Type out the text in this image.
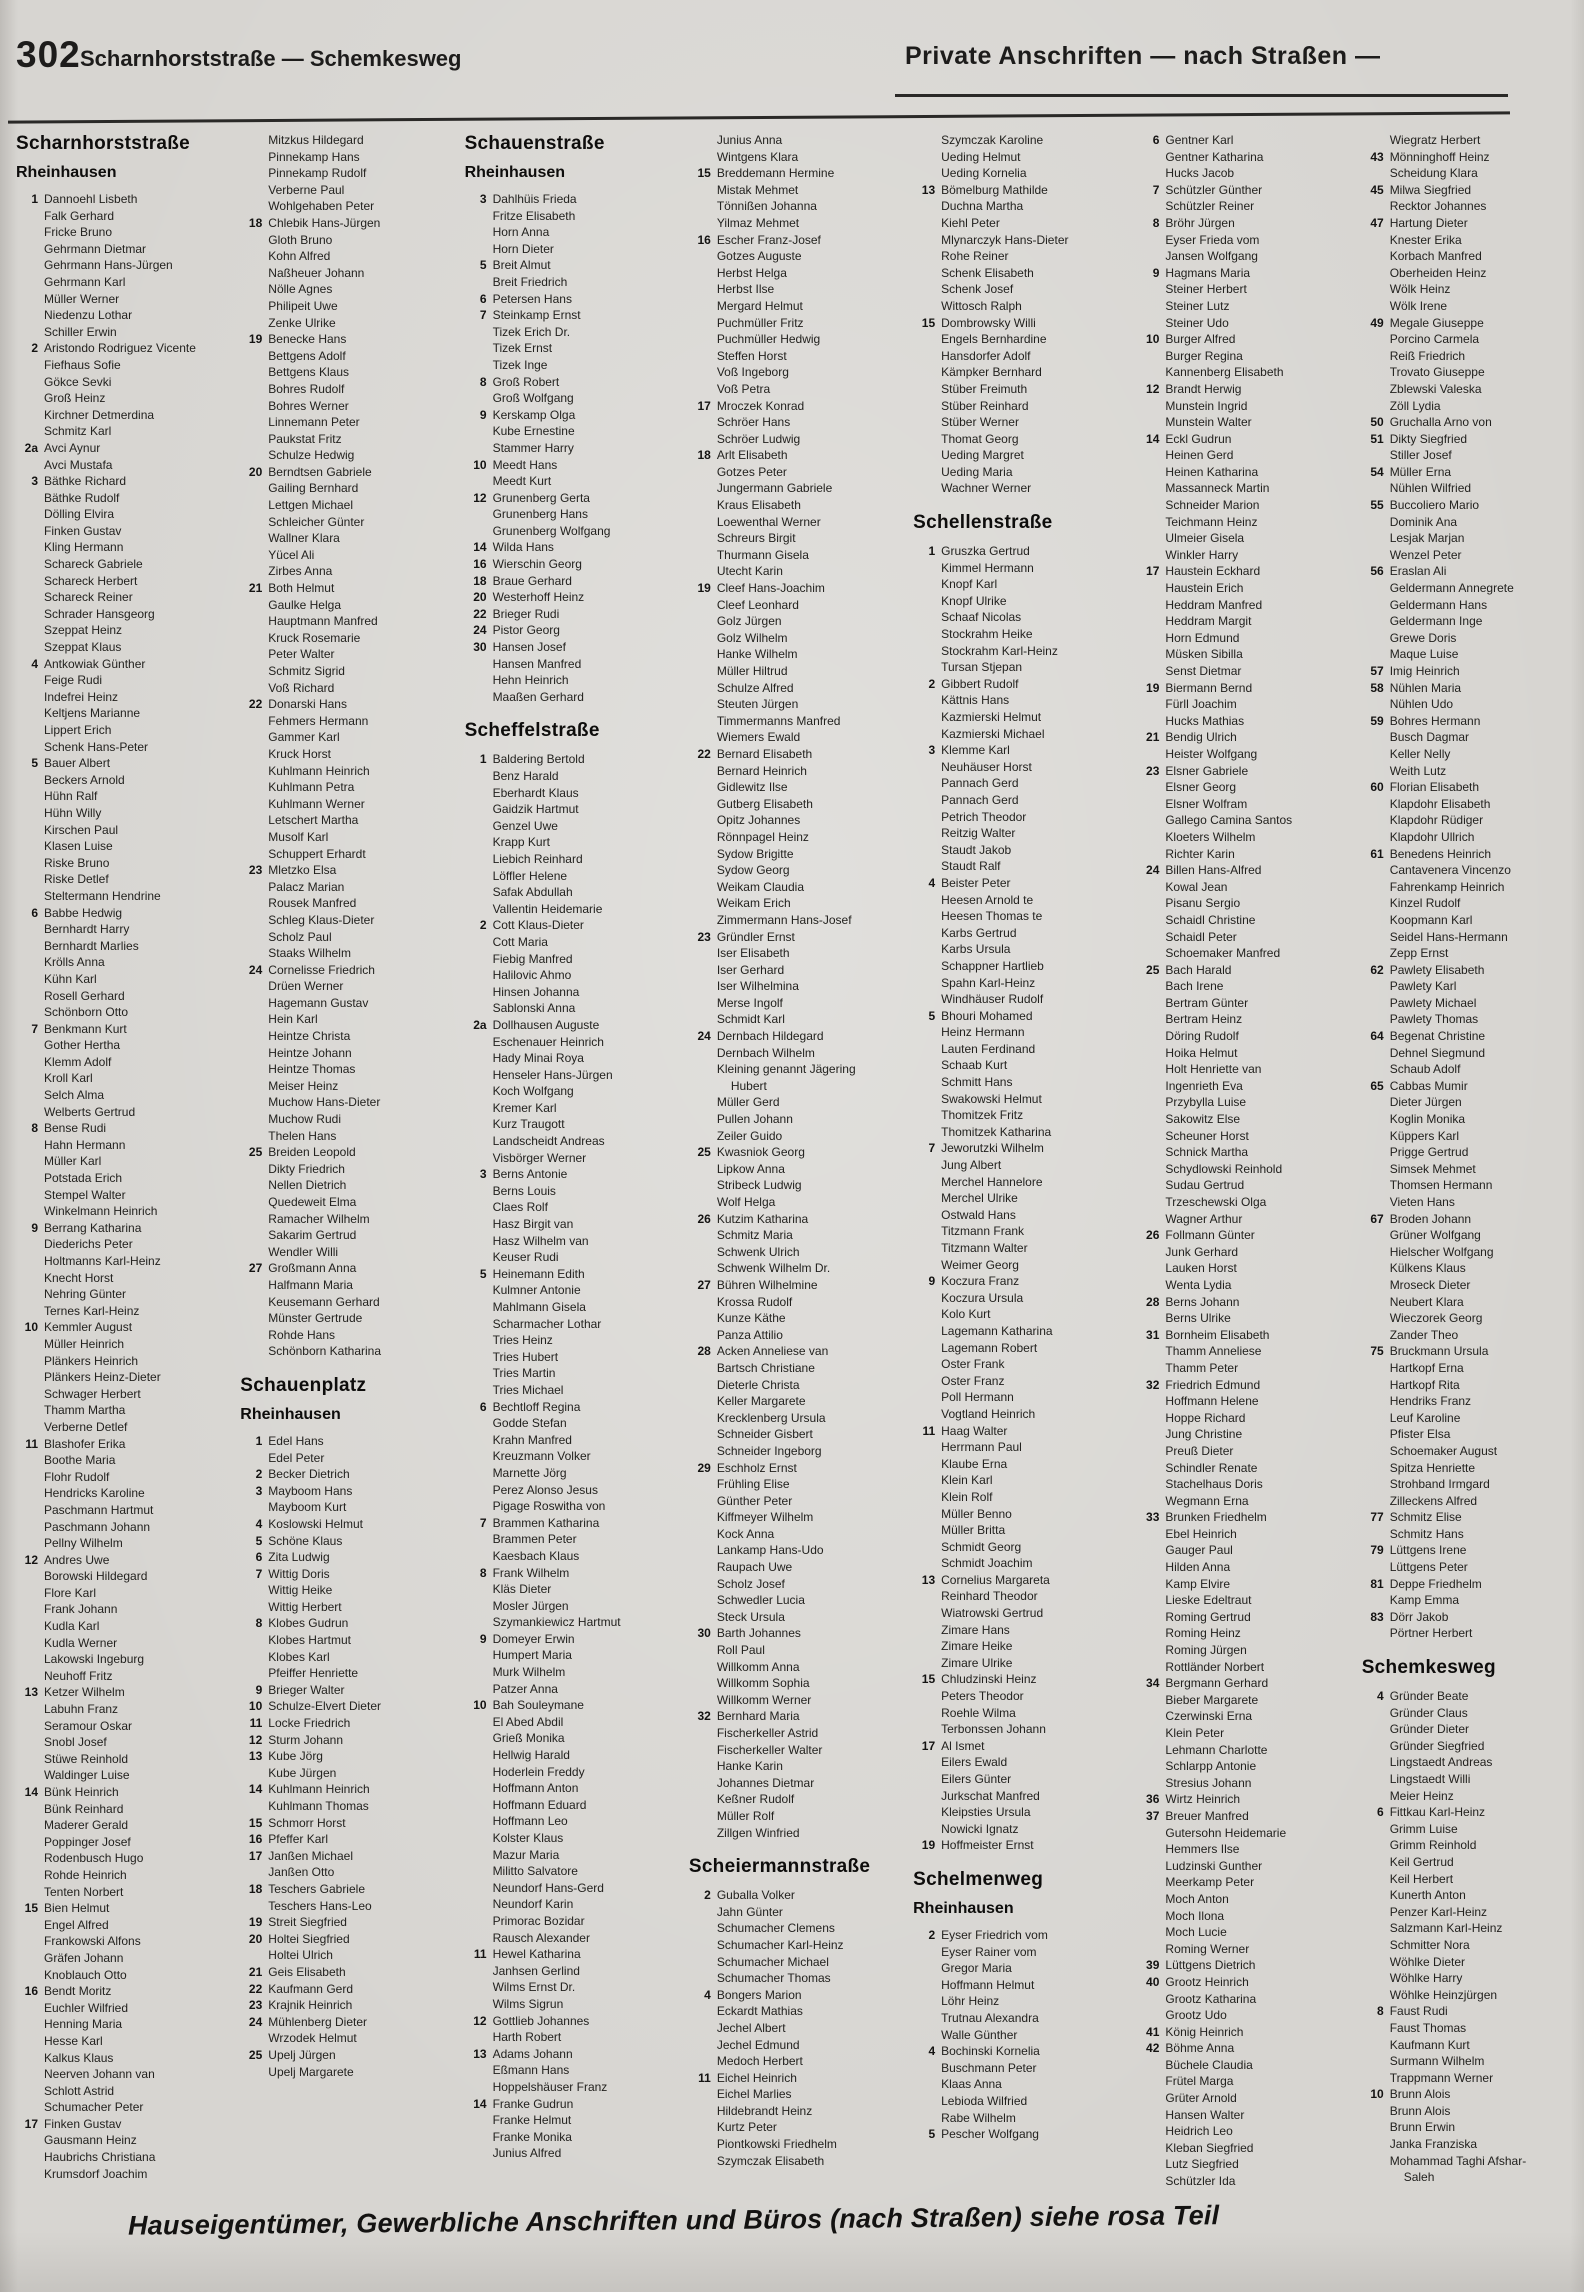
302 Scharnhorststraße — Schemkesweg	Private Anschriften — nach Straßen —
Scharnhorststraße
Rheinhausen
1 Dannoehl Lisbeth
Falk Gerhard
Fricke Bruno
Gehrmann Dietmar
Gehrmann Hans-Jürgen
Gehrmann Karl
Müller Werner
Niedenzu Lothar
Schiller Erwin
2 Aristondo Rodriguez Vicente
Fiefhaus Sofie
Gökce Sevki
Groß Heinz
Kirchner Detmerdina
Schmitz Karl
2a Avci Aynur
Avci Mustafa
3 Bäthke Richard
Bäthke Rudolf
Dölling Elvira
Finken Gustav
Kling Hermann
Schareck Gabriele
Schareck Herbert
Schareck Reiner
Schrader Hansgeorg
Szeppat Heinz
Szeppat Klaus
4 Antkowiak Günther
Feige Rudi
Indefrei Heinz
Keltjens Marianne
Lippert Erich
Schenk Hans-Peter
5 Bauer Albert
Beckers Arnold
Hühn Ralf
Hühn Willy
Kirschen Paul
Klasen Luise
Riske Bruno
Riske Detlef
Steltermann Hendrine
6 Babbe Hedwig
Bernhardt Harry
Bernhardt Marlies
Krölls Anna
Kühn Karl
Rosell Gerhard
Schönborn Otto
7 Benkmann Kurt
Gother Hertha
Klemm Adolf
Kroll Karl
Selch Alma
Welberts Gertrud
8 Bense Rudi
Hahn Hermann
Müller Karl
Potstada Erich
Stempel Walter
Winkelmann Heinrich
9 Berrang Katharina
Diederichs Peter
Holtmanns Karl-Heinz
Knecht Horst
Nehring Günter
Ternes Karl-Heinz
10 Kemmler August
Müller Heinrich
Plänkers Heinrich
Plänkers Heinz-Dieter
Schwager Herbert
Thamm Martha
Verberne Detlef
11 Blashofer Erika
Boothe Maria
Flohr Rudolf
Hendricks Karoline
Paschmann Hartmut
Paschmann Johann
Pellny Wilhelm
12 Andres Uwe
Borowski Hildegard
Flore Karl
Frank Johann
Kudla Karl
Kudla Werner
Lakowski Ingeburg
Neuhoff Fritz
13 Ketzer Wilhelm
Labuhn Franz
Seramour Oskar
Snobl Josef
Stüwe Reinhold
Waldinger Luise
14 Bünk Heinrich
Bünk Reinhard
Maderer Gerald
Poppinger Josef
Rodenbusch Hugo
Rohde Heinrich
Tenten Norbert
15 Bien Helmut
Engel Alfred
Frankowski Alfons
Gräfen Johann
Knoblauch Otto
16 Bendt Moritz
Euchler Wilfried
Henning Maria
Hesse Karl
Kalkus Klaus
Neerven Johann van
Schlott Astrid
Schumacher Peter
17 Finken Gustav
Gausmann Heinz
Haubrichs Christiana
Krumsdorf Joachim
Mitzkus Hildegard
Pinnekamp Hans
Pinnekamp Rudolf
Verberne Paul
Wohlgehaben Peter
18 Chlebik Hans-Jürgen
Gloth Bruno
Kohn Alfred
Naßheuer Johann
Nölle Agnes
Philipeit Uwe
Zenke Ulrike
19 Benecke Hans
Bettgens Adolf
Bettgens Klaus
Bohres Rudolf
Bohres Werner
Linnemann Peter
Paukstat Fritz
Schulze Hedwig
20 Berndtsen Gabriele
Gailing Bernhard
Lettgen Michael
Schleicher Günter
Wallner Klara
Yücel Ali
Zirbes Anna
21 Both Helmut
Gaulke Helga
Hauptmann Manfred
Kruck Rosemarie
Peter Walter
Schmitz Sigrid
Voß Richard
22 Donarski Hans
Fehmers Hermann
Gammer Karl
Kruck Horst
Kuhlmann Heinrich
Kuhlmann Petra
Kuhlmann Werner
Letschert Martha
Musolf Karl
Schuppert Erhardt
23 Mletzko Elsa
Palacz Marian
Rousek Manfred
Schleg Klaus-Dieter
Scholz Paul
Staaks Wilhelm
24 Cornelisse Friedrich
Drüen Werner
Hagemann Gustav
Hein Karl
Heintze Christa
Heintze Johann
Heintze Thomas
Meiser Heinz
Muchow Hans-Dieter
Muchow Rudi
Thelen Hans
25 Breiden Leopold
Dikty Friedrich
Nellen Dietrich
Quedeweit Elma
Ramacher Wilhelm
Sakarim Gertrud
Wendler Willi
27 Großmann Anna
Halfmann Maria
Keusemann Gerhard
Münster Gertrude
Rohde Hans
Schönborn Katharina
Schauenplatz
Rheinhausen
1 Edel Hans
Edel Peter
2 Becker Dietrich
3 Mayboom Hans
Mayboom Kurt
4 Koslowski Helmut
5 Schöne Klaus
6 Zita Ludwig
7 Wittig Doris
Wittig Heike
Wittig Herbert
8 Klobes Gudrun
Klobes Hartmut
Klobes Karl
Pfeiffer Henriette
9 Brieger Walter
10 Schulze-Elvert Dieter
11 Locke Friedrich
12 Sturm Johann
13 Kube Jörg
Kube Jürgen
14 Kuhlmann Heinrich
Kuhlmann Thomas
15 Schmorr Horst
16 Pfeffer Karl
17 Janßen Michael
Janßen Otto
18 Teschers Gabriele
Teschers Hans-Leo
19 Streit Siegfried
20 Holtei Siegfried
Holtei Ulrich
21 Geis Elisabeth
22 Kaufmann Gerd
23 Krajnik Heinrich
24 Mühlenberg Dieter
Wrzodek Helmut
25 Upelj Jürgen
Upelj Margarete
Schauenstraße
Rheinhausen
3 Dahlhüis Frieda
Fritze Elisabeth
Horn Anna
Horn Dieter
5 Breit Almut
Breit Friedrich
6 Petersen Hans
7 Steinkamp Ernst
Tizek Erich Dr.
Tizek Ernst
Tizek Inge
8 Groß Robert
Groß Wolfgang
9 Kerskamp Olga
Kube Ernestine
Stammer Harry
10 Meedt Hans
Meedt Kurt
12 Grunenberg Gerta
Grunenberg Hans
Grunenberg Wolfgang
14 Wilda Hans
16 Wierschin Georg
18 Braue Gerhard
20 Westerhoff Heinz
22 Brieger Rudi
24 Pistor Georg
30 Hansen Josef
Hansen Manfred
Hehn Heinrich
Maaßen Gerhard
Scheffelstraße
1 Baldering Bertold
Benz Harald
Eberhardt Klaus
Gaidzik Hartmut
Genzel Uwe
Krapp Kurt
Liebich Reinhard
Löffler Helene
Safak Abdullah
Vallentin Heidemarie
2 Cott Klaus-Dieter
Cott Maria
Fiebig Manfred
Halilovic Ahmo
Hinsen Johanna
Sablonski Anna
2a Dollhausen Auguste
Eschenauer Heinrich
Hady Minai Roya
Henseler Hans-Jürgen
Koch Wolfgang
Kremer Karl
Kurz Traugott
Landscheidt Andreas
Visbörger Werner
3 Berns Antonie
Berns Louis
Claes Rolf
Hasz Birgit van
Hasz Wilhelm van
Keuser Rudi
5 Heinemann Edith
Kulmner Antonie
Mahlmann Gisela
Scharmacher Lothar
Tries Heinz
Tries Hubert
Tries Martin
Tries Michael
6 Bechtloff Regina
Godde Stefan
Krahn Manfred
Kreuzmann Volker
Marnette Jörg
Perez Alonso Jesus
Pigage Roswitha von
7 Brammen Katharina
Brammen Peter
Kaesbach Klaus
8 Frank Wilhelm
Kläs Dieter
Mosler Jürgen
Szymankiewicz Hartmut
9 Domeyer Erwin
Humpert Maria
Murk Wilhelm
Patzer Anna
10 Bah Souleymane
El Abed Abdil
Grieß Monika
Hellwig Harald
Hoderlein Freddy
Hoffmann Anton
Hoffmann Eduard
Hoffmann Leo
Kolster Klaus
Mazur Maria
Militto Salvatore
Neundorf Hans-Gerd
Neundorf Karin
Primorac Bozidar
Rausch Alexander
11 Hewel Katharina
Janhsen Gerlind
Wilms Ernst Dr.
Wilms Sigrun
12 Gottlieb Johannes
Harth Robert
13 Adams Johann
Eßmann Hans
Hoppelshäuser Franz
14 Franke Gudrun
Franke Helmut
Franke Monika
Junius Alfred
Junius Anna
Wintgens Klara
15 Breddemann Hermine
Mistak Mehmet
Tönnißen Johanna
Yilmaz Mehmet
16 Escher Franz-Josef
Gotzes Auguste
Herbst Helga
Herbst Ilse
Mergard Helmut
Puchmüller Fritz
Puchmüller Hedwig
Steffen Horst
Voß Ingeborg
Voß Petra
17 Mroczek Konrad
Schröer Hans
Schröer Ludwig
18 Arlt Elisabeth
Gotzes Peter
Jungermann Gabriele
Kraus Elisabeth
Loewenthal Werner
Schreurs Birgit
Thurmann Gisela
Utecht Karin
19 Cleef Hans-Joachim
Cleef Leonhard
Golz Jürgen
Golz Wilhelm
Hanke Wilhelm
Müller Hiltrud
Schulze Alfred
Steuten Jürgen
Timmermanns Manfred
Wiemers Ewald
22 Bernard Elisabeth
Bernard Heinrich
Gidlewitz Ilse
Gutberg Elisabeth
Opitz Johannes
Rönnpagel Heinz
Sydow Brigitte
Sydow Georg
Weikam Claudia
Weikam Erich
Zimmermann Hans-Josef
23 Gründler Ernst
Iser Elisabeth
Iser Gerhard
Iser Wilhelmina
Merse Ingolf
Schmidt Karl
24 Dernbach Hildegard
Dernbach Wilhelm
Kleining genannt Jägering
Hubert
Müller Gerd
Pullen Johann
Zeiler Guido
25 Kwasniok Georg
Lipkow Anna
Stribeck Ludwig
Wolf Helga
26 Kutzim Katharina
Schmitz Maria
Schwenk Ulrich
Schwenk Wilhelm Dr.
27 Bühren Wilhelmine
Krossa Rudolf
Kunze Käthe
Panza Attilio
28 Acken Anneliese van
Bartsch Christiane
Dieterle Christa
Keller Margarete
Krecklenberg Ursula
Schneider Gisbert
Schneider Ingeborg
29 Eschholz Ernst
Frühling Elise
Günther Peter
Kiffmeyer Wilhelm
Kock Anna
Lankamp Hans-Udo
Raupach Uwe
Scholz Josef
Schwedler Lucia
Steck Ursula
30 Barth Johannes
Roll Paul
Willkomm Anna
Willkomm Sophia
Willkomm Werner
32 Bernhard Maria
Fischerkeller Astrid
Fischerkeller Walter
Hanke Karin
Johannes Dietmar
Keßner Rudolf
Müller Rolf
Zillgen Winfried
Scheiermannstraße
2 Guballa Volker
Jahn Günter
Schumacher Clemens
Schumacher Karl-Heinz
Schumacher Michael
Schumacher Thomas
4 Bongers Marion
Eckardt Mathias
Jechel Albert
Jechel Edmund
Medoch Herbert
11 Eichel Heinrich
Eichel Marlies
Hildebrandt Heinz
Kurtz Peter
Piontkowski Friedhelm
Szymczak Elisabeth
Szymczak Karoline
Ueding Helmut
Ueding Kornelia
13 Bömelburg Mathilde
Duchna Martha
Kiehl Peter
Mlynarczyk Hans-Dieter
Rohe Reiner
Schenk Elisabeth
Schenk Josef
Wittosch Ralph
15 Dombrowsky Willi
Engels Bernhardine
Hansdorfer Adolf
Kämpker Bernhard
Stüber Freimuth
Stüber Reinhard
Stüber Werner
Thomat Georg
Ueding Margret
Ueding Maria
Wachner Werner
Schellenstraße
1 Gruszka Gertrud
Kimmel Hermann
Knopf Karl
Knopf Ulrike
Schaaf Nicolas
Stockrahm Heike
Stockrahm Karl-Heinz
Tursan Stjepan
2 Gibbert Rudolf
Kättnis Hans
Kazmierski Helmut
Kazmierski Michael
3 Klemme Karl
Neuhäuser Horst
Pannach Gerd
Pannach Gerd
Petrich Theodor
Reitzig Walter
Staudt Jakob
Staudt Ralf
4 Beister Peter
Heesen Arnold te
Heesen Thomas te
Karbs Gertrud
Karbs Ursula
Schappner Hartlieb
Spahn Karl-Heinz
Windhäuser Rudolf
5 Bhouri Mohamed
Heinz Hermann
Lauten Ferdinand
Schaab Kurt
Schmitt Hans
Swakowski Helmut
Thomitzek Fritz
Thomitzek Katharina
7 Jeworutzki Wilhelm
Jung Albert
Merchel Hannelore
Merchel Ulrike
Ostwald Hans
Titzmann Frank
Titzmann Walter
Weimer Georg
9 Koczura Franz
Koczura Ursula
Kolo Kurt
Lagemann Katharina
Lagemann Robert
Oster Frank
Oster Franz
Poll Hermann
Vogtland Heinrich
11 Haag Walter
Herrmann Paul
Klaube Erna
Klein Karl
Klein Rolf
Müller Benno
Müller Britta
Schmidt Georg
Schmidt Joachim
13 Cornelius Margareta
Reinhard Theodor
Wiatrowski Gertrud
Zimare Hans
Zimare Heike
Zimare Ulrike
15 Chludzinski Heinz
Peters Theodor
Roehle Wilma
Terbonssen Johann
17 Al Ismet
Eilers Ewald
Eilers Günter
Jurkschat Manfred
Kleipsties Ursula
Nowicki Ignatz
19 Hoffmeister Ernst
Schelmenweg
Rheinhausen
2 Eyser Friedrich vom
Eyser Rainer vom
Gregor Maria
Hoffmann Helmut
Löhr Heinz
Trutnau Alexandra
Walle Günther
4 Bochinski Kornelia
Buschmann Peter
Klaas Anna
Lebioda Wilfried
Rabe Wilhelm
5 Pescher Wolfgang
6 Gentner Karl
Gentner Katharina
Hucks Jacob
7 Schützler Günther
Schützler Reiner
8 Bröhr Jürgen
Eyser Frieda vom
Jansen Wolfgang
9 Hagmans Maria
Steiner Herbert
Steiner Lutz
Steiner Udo
10 Burger Alfred
Burger Regina
Kannenberg Elisabeth
12 Brandt Herwig
Munstein Ingrid
Munstein Walter
14 Eckl Gudrun
Heinen Gerd
Heinen Katharina
Massanneck Martin
Schneider Marion
Teichmann Heinz
Ulmeier Gisela
Winkler Harry
17 Haustein Eckhard
Haustein Erich
Heddram Manfred
Heddram Margit
Horn Edmund
Müsken Sibilla
Senst Dietmar
19 Biermann Bernd
Fürll Joachim
Hucks Mathias
21 Bendig Ulrich
Heister Wolfgang
23 Elsner Gabriele
Elsner Georg
Elsner Wolfram
Gallego Camina Santos
Kloeters Wilhelm
Richter Karin
24 Billen Hans-Alfred
Kowal Jean
Pisanu Sergio
Schaidl Christine
Schaidl Peter
Schoemaker Manfred
25 Bach Harald
Bach Irene
Bertram Günter
Bertram Heinz
Döring Rudolf
Hoika Helmut
Holt Henriette van
Ingenrieth Eva
Przybylla Luise
Sakowitz Else
Scheuner Horst
Schnick Martha
Schydlowski Reinhold
Sudau Gertrud
Trzeschewski Olga
Wagner Arthur
26 Follmann Günter
Junk Gerhard
Lauken Horst
Wenta Lydia
28 Berns Johann
Berns Ulrike
31 Bornheim Elisabeth
Thamm Anneliese
Thamm Peter
32 Friedrich Edmund
Hoffmann Helene
Hoppe Richard
Jung Christine
Preuß Dieter
Schindler Renate
Stachelhaus Doris
Wegmann Erna
33 Brunken Friedhelm
Ebel Heinrich
Gauger Paul
Hilden Anna
Kamp Elvire
Lieske Edeltraut
Roming Gertrud
Roming Heinz
Roming Jürgen
Rottländer Norbert
34 Bergmann Gerhard
Bieber Margarete
Czerwinski Erna
Klein Peter
Lehmann Charlotte
Schlarpp Antonie
Stresius Johann
36 Wirtz Heinrich
37 Breuer Manfred
Gutersohn Heidemarie
Hemmers Ilse
Ludzinski Gunther
Meerkamp Peter
Moch Anton
Moch Ilona
Moch Lucie
Roming Werner
39 Lüttgens Dietrich
40 Grootz Heinrich
Grootz Katharina
Grootz Udo
41 König Heinrich
42 Böhme Anna
Büchele Claudia
Frütel Marga
Grüter Arnold
Hansen Walter
Heidrich Leo
Kleban Siegfried
Lutz Siegfried
Schützler Ida
Wiegratz Herbert
43 Mönninghoff Heinz
Scheidung Klara
45 Milwa Siegfried
Recktor Johannes
47 Hartung Dieter
Knester Erika
Korbach Manfred
Oberheiden Heinz
Wölk Heinz
Wölk Irene
49 Megale Giuseppe
Porcino Carmela
Reiß Friedrich
Trovato Giuseppe
Zblewski Valeska
Zöll Lydia
50 Gruchalla Arno von
51 Dikty Siegfried
Stiller Josef
54 Müller Erna
Nühlen Wilfried
55 Buccoliero Mario
Dominik Ana
Lesjak Marjan
Wenzel Peter
56 Eraslan Ali
Geldermann Annegrete
Geldermann Hans
Geldermann Inge
Grewe Doris
Maque Luise
57 Imig Heinrich
58 Nühlen Maria
Nühlen Udo
59 Bohres Hermann
Busch Dagmar
Keller Nelly
Weith Lutz
60 Florian Elisabeth
Klapdohr Elisabeth
Klapdohr Rüdiger
Klapdohr Ullrich
61 Benedens Heinrich
Cantavenera Vincenzo
Fahrenkamp Heinrich
Kinzel Rudolf
Koopmann Karl
Seidel Hans-Hermann
Zepp Ernst
62 Pawlety Elisabeth
Pawlety Karl
Pawlety Michael
Pawlety Thomas
64 Begenat Christine
Dehnel Siegmund
Schaub Adolf
65 Cabbas Mumir
Dieter Jürgen
Koglin Monika
Küppers Karl
Prigge Gertrud
Simsek Mehmet
Thomsen Hermann
Vieten Hans
67 Broden Johann
Grüner Wolfgang
Hielscher Wolfgang
Külkens Klaus
Mroseck Dieter
Neubert Klara
Wieczorek Georg
Zander Theo
75 Bruckmann Ursula
Hartkopf Erna
Hartkopf Rita
Hendriks Franz
Leuf Karoline
Pfister Elsa
Schoemaker August
Spitza Henriette
Strohband Irmgard
Zilleckens Alfred
77 Schmitz Elise
Schmitz Hans
79 Lüttgens Irene
Lüttgens Peter
81 Deppe Friedhelm
Kamp Emma
83 Dörr Jakob
Pörtner Herbert
Schemkesweg
4 Gründer Beate
Gründer Claus
Gründer Dieter
Gründer Siegfried
Lingstaedt Andreas
Lingstaedt Willi
Meier Heinz
6 Fittkau Karl-Heinz
Grimm Luise
Grimm Reinhold
Keil Gertrud
Keil Herbert
Kunerth Anton
Penzer Karl-Heinz
Salzmann Karl-Heinz
Schmitter Nora
Wöhlke Dieter
Wöhlke Harry
Wöhlke Heinzjürgen
8 Faust Rudi
Faust Thomas
Kaufmann Kurt
Surmann Wilhelm
Trappmann Werner
10 Brunn Alois
Brunn Alois
Brunn Erwin
Janka Franziska
Mohammad Taghi Afshar-
Saleh
Hauseigentümer, Gewerbliche Anschriften und Büros (nach Straßen) siehe rosa Teil
